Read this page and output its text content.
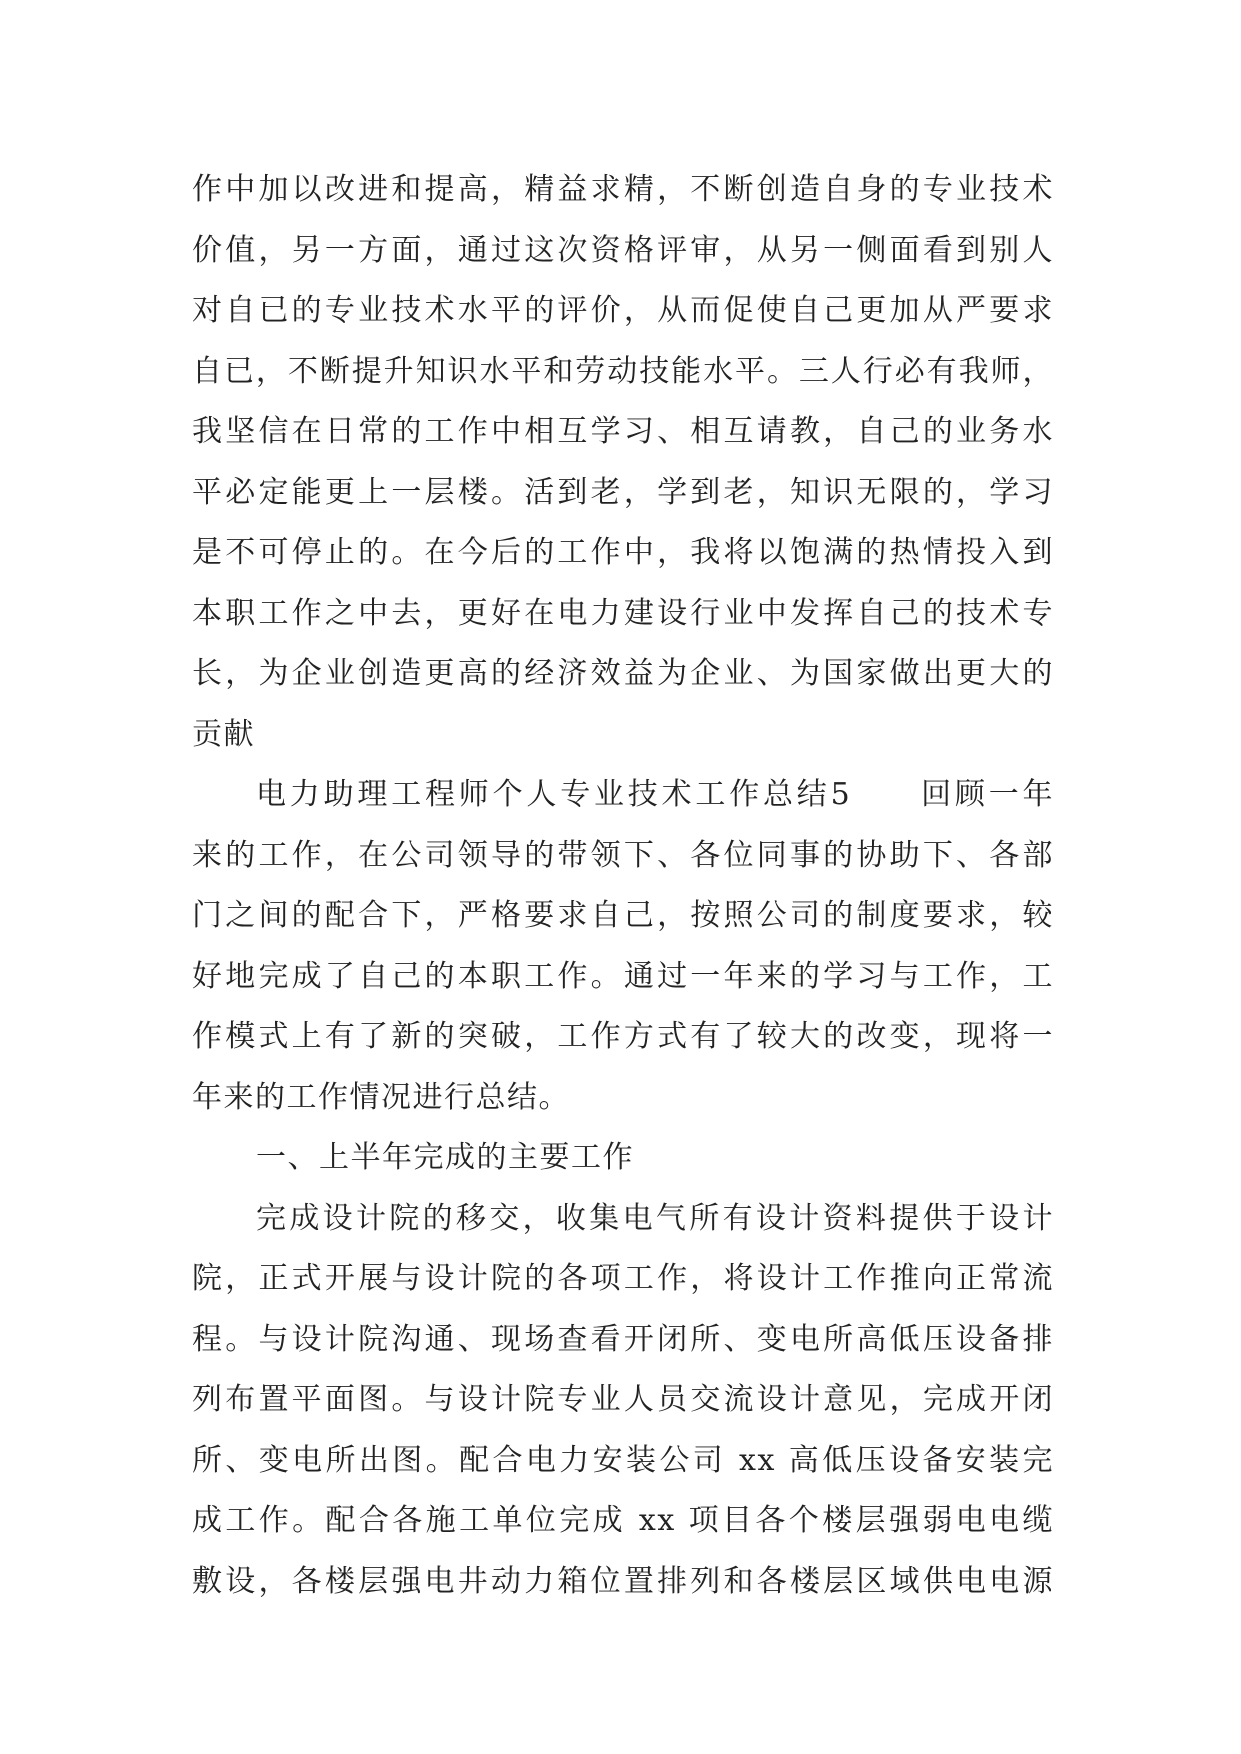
作中加以改进和提高，精益求精，不断创造自身的专业技术
价值，另一方面，通过这次资格评审，从另一侧面看到别人
对自已的专业技术水平的评价，从而促使自己更加从严要求
自已，不断提升知识水平和劳动技能水平。三人行必有我师，
我坚信在日常的工作中相互学习、相互请教，自己的业务水
平必定能更上一层楼。活到老，学到老，知识无限的，学习
是不可停止的。在今后的工作中，我将以饱满的热情投入到
本职工作之中去，更好在电力建设行业中发挥自己的技术专
长，为企业创造更高的经济效益为企业、为国家做出更大的
贡献
电力助理工程师个人专业技术工作总结5　　回顾一年
来的工作，在公司领导的带领下、各位同事的协助下、各部
门之间的配合下，严格要求自己，按照公司的制度要求，较
好地完成了自己的本职工作。通过一年来的学习与工作，工
作模式上有了新的突破，工作方式有了较大的改变，现将一
年来的工作情况进行总结。
一、上半年完成的主要工作
完成设计院的移交，收集电气所有设计资料提供于设计
院，正式开展与设计院的各项工作，将设计工作推向正常流
程。与设计院沟通、现场查看开闭所、变电所高低压设备排
列布置平面图。与设计院专业人员交流设计意见，完成开闭
所、变电所出图。配合电力安装公司 xx 高低压设备安装完
成工作。配合各施工单位完成 xx 项目各个楼层强弱电电缆
敷设，各楼层强电井动力箱位置排列和各楼层区域供电电源
